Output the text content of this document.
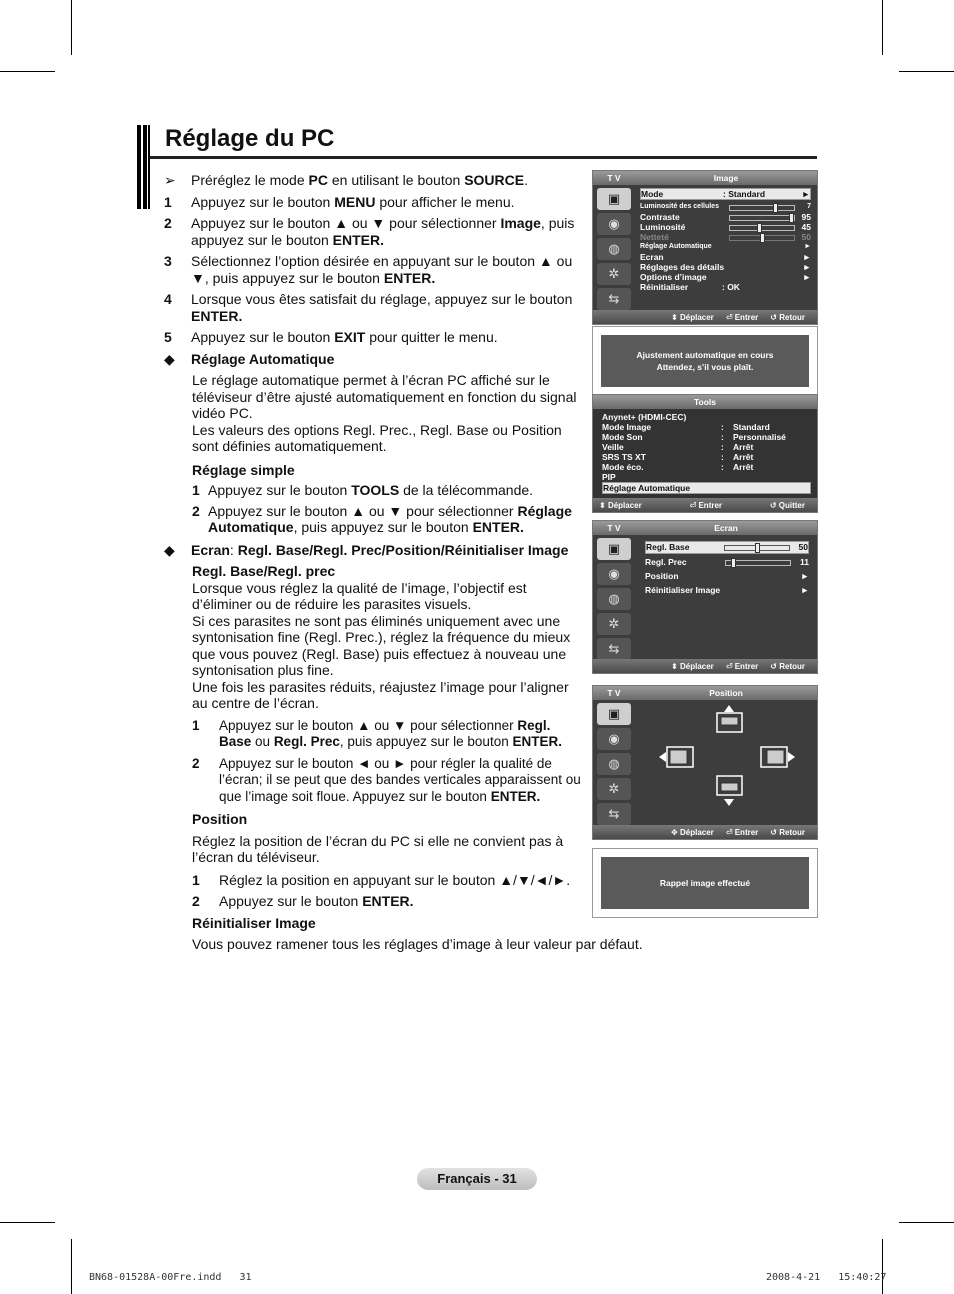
Réglage du PC
➢	Préréglez le mode PC en utilisant le bouton SOURCE.
1	Appuyez sur le bouton MENU pour afficher le menu.
2	Appuyez sur le bouton ▲ ou ▼ pour sélectionner Image, puis appuyez sur le bouton ENTER.
3	Sélectionnez l’option désirée en appuyant sur le bouton ▲ ou ▼, puis appuyez sur le bouton ENTER.
4	Lorsque vous êtes satisfait du réglage, appuyez sur le bouton ENTER.
5	Appuyez sur le bouton EXIT pour quitter le menu.
◆	Réglage Automatique
Le réglage automatique permet à l’écran PC affiché sur le téléviseur d’être ajusté automatiquement en fonction du signal vidéo PC.
Les valeurs des options Regl. Prec., Regl. Base ou Position sont définies automatiquement.
Réglage simple
1 Appuyez sur le bouton TOOLS de la télécommande.
2 Appuyez sur le bouton ▲ ou ▼ pour sélectionner Réglage Automatique, puis appuyez sur le bouton ENTER.
◆	Ecran: Regl. Base/Regl. Prec/Position/Réinitialiser Image
Regl. Base/Regl. prec
Lorsque vous réglez la qualité de l’image, l’objectif est d’éliminer ou de réduire les parasites visuels.
Si ces parasites ne sont pas éliminés uniquement avec une syntonisation fine (Regl. Prec.), réglez la fréquence du mieux que vous pouvez (Regl. Base) puis effectuez à nouveau une syntonisation plus fine.
Une fois les parasites réduits, réajustez l’image pour l’aligner au centre de l’écran.
1	Appuyez sur le bouton ▲ ou ▼ pour sélectionner Regl. Base ou Regl. Prec, puis appuyez sur le bouton ENTER.
2	Appuyez sur le bouton ◄ ou ► pour régler la qualité de l’écran; il se peut que des bandes verticales apparaissent ou que l’image soit floue. Appuyez sur le bouton ENTER.
Position
Réglez la position de l’écran du PC si elle ne convient pas à l’écran du téléviseur.
1	Réglez la position en appuyant sur le bouton ▲/▼/◄/►.
2	Appuyez sur le bouton ENTER.
Réinitialiser Image
Vous pouvez ramener tous les réglages d’image à leur valeur par défaut.
T V	Image
▣
◉
◍
✲
⇆
Mode	: Standard	►
Luminosité des cellules	7
Contraste	95
Luminosité	45
Netteté	50
Réglage Automatique	►
Ecran	►
Réglages des détails	►
Options d’image	►
Réinitialiser	: OK
⬍ Déplacer ⏎ Entrer ↺ Retour
Ajustement automatique en cours
Attendez, s’il vous plaît.
Tools
Anynet+ (HDMI-CEC)
Mode Image	:	Standard
Mode Son	:	Personnalisé
Veille	:	Arrêt
SRS TS XT	:	Arrêt
Mode éco.	:	Arrêt
PIP
Réglage Automatique
⬍ Déplacer	⏎ Entrer	↺ Quitter
T V	Ecran
▣
◉
◍
✲
⇆
Regl. Base	50
Regl. Prec	11
Position	►
Réinitialiser Image	►
⬍ Déplacer ⏎ Entrer ↺ Retour
T V	Position
▣
◉
◍
✲
⇆
✥ Déplacer ⏎ Entrer ↺ Retour
Rappel image effectué
Français - 31
BN68-01528A-00Fre.indd   31	2008-4-21   15:40:27
